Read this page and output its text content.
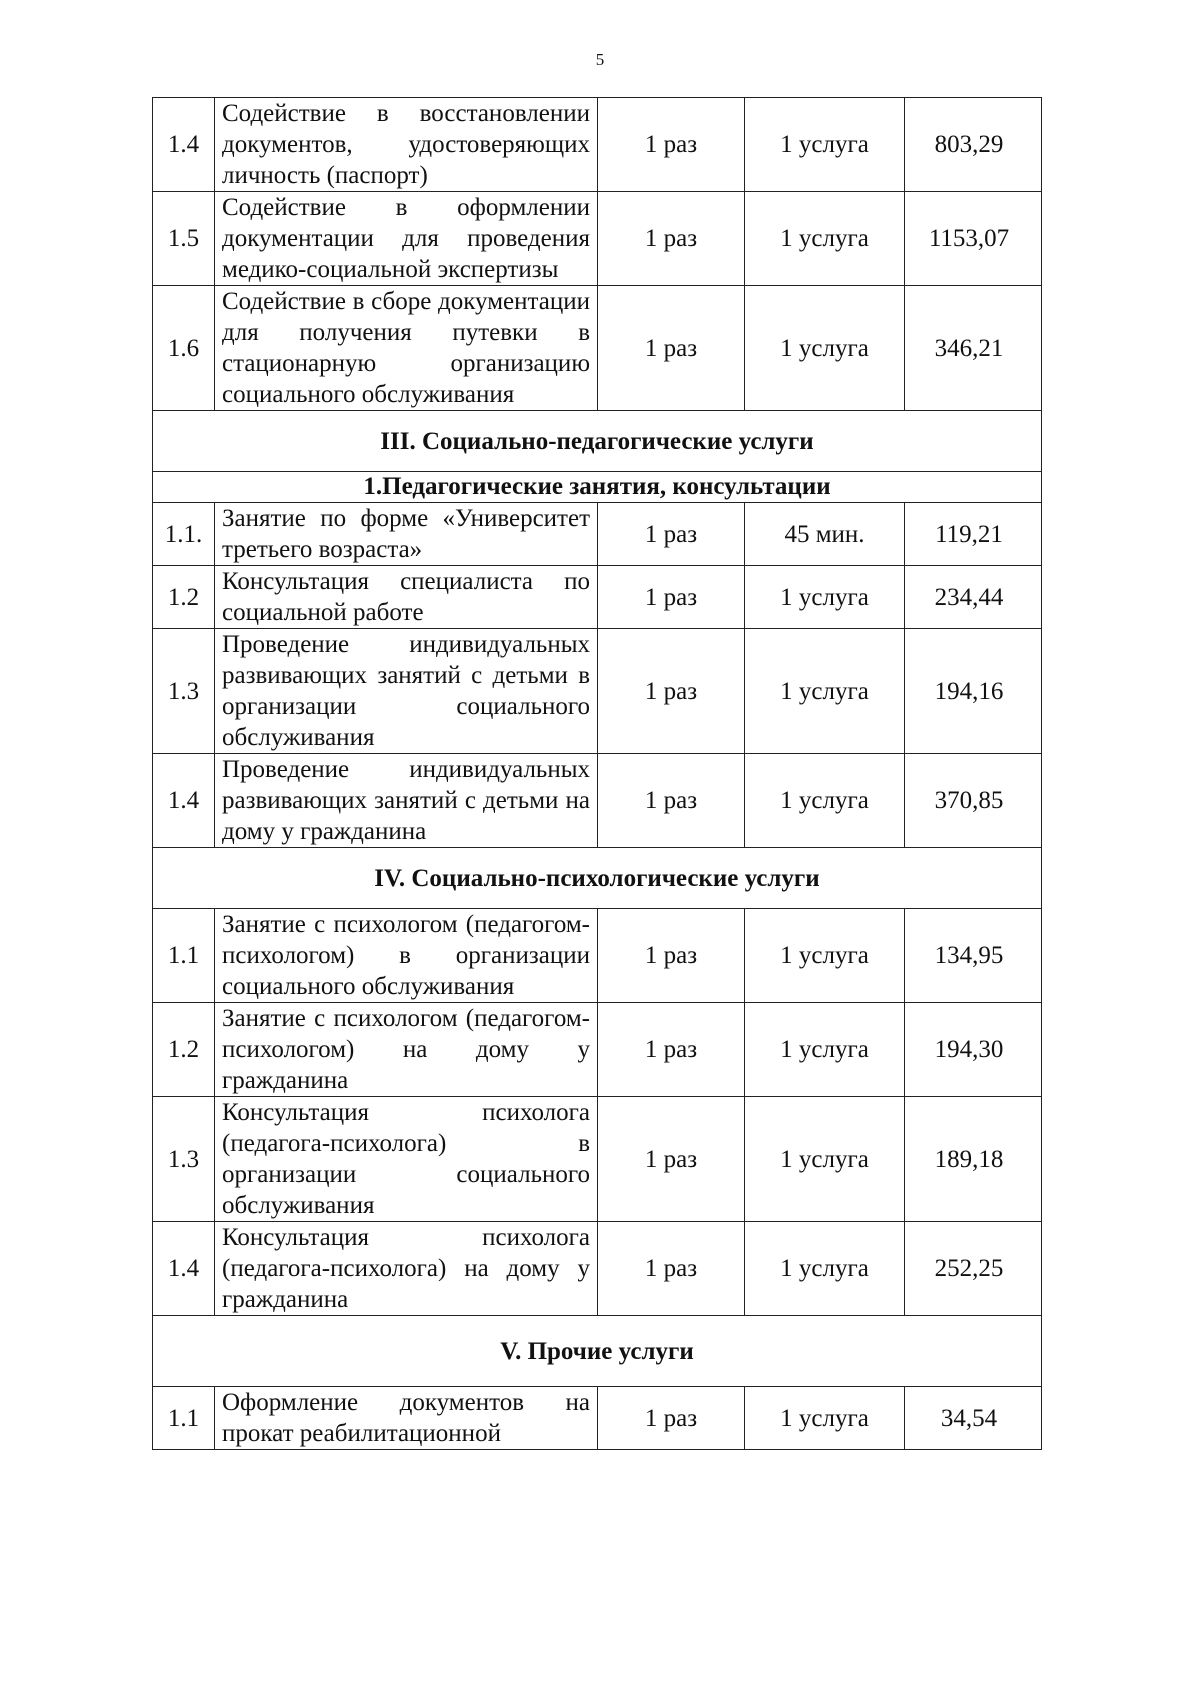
5
1.4	Содействие в восстановлении документов, удостоверяющих личность (паспорт)	1 раз	1 услуга	803,29
1.5	Содействие в оформлении документации для проведения медико-социальной экспертизы	1 раз	1 услуга	1153,07
1.6	Содействие в сборе документации для получения путевки в стационарную организацию социального обслуживания	1 раз	1 услуга	346,21
III. Социально-педагогические услуги				
1.Педагогические занятия, консультации				
1.1.	Занятие по форме «Университет третьего возраста»	1 раз	45 мин.	119,21
1.2	Консультация специалиста по социальной работе	1 раз	1 услуга	234,44
1.3	Проведение индивидуальных развивающих занятий с детьми в организации социального обслуживания	1 раз	1 услуга	194,16
1.4	Проведение индивидуальных развивающих занятий с детьми на дому у гражданина	1 раз	1 услуга	370,85
IV. Социально-психологические услуги				
1.1	Занятие с психологом (педагогом-психологом) в организации социального обслуживания	1 раз	1 услуга	134,95
1.2	Занятие с психологом (педагогом-психологом) на дому у гражданина	1 раз	1 услуга	194,30
1.3	Консультация психолога (педагога-психолога) в организации социального обслуживания	1 раз	1 услуга	189,18
1.4	Консультация психолога (педагога-психолога) на дому у гражданина	1 раз	1 услуга	252,25
V. Прочие услуги				
1.1	Оформление документов на прокат реабилитационной	1 раз	1 услуга	34,54
